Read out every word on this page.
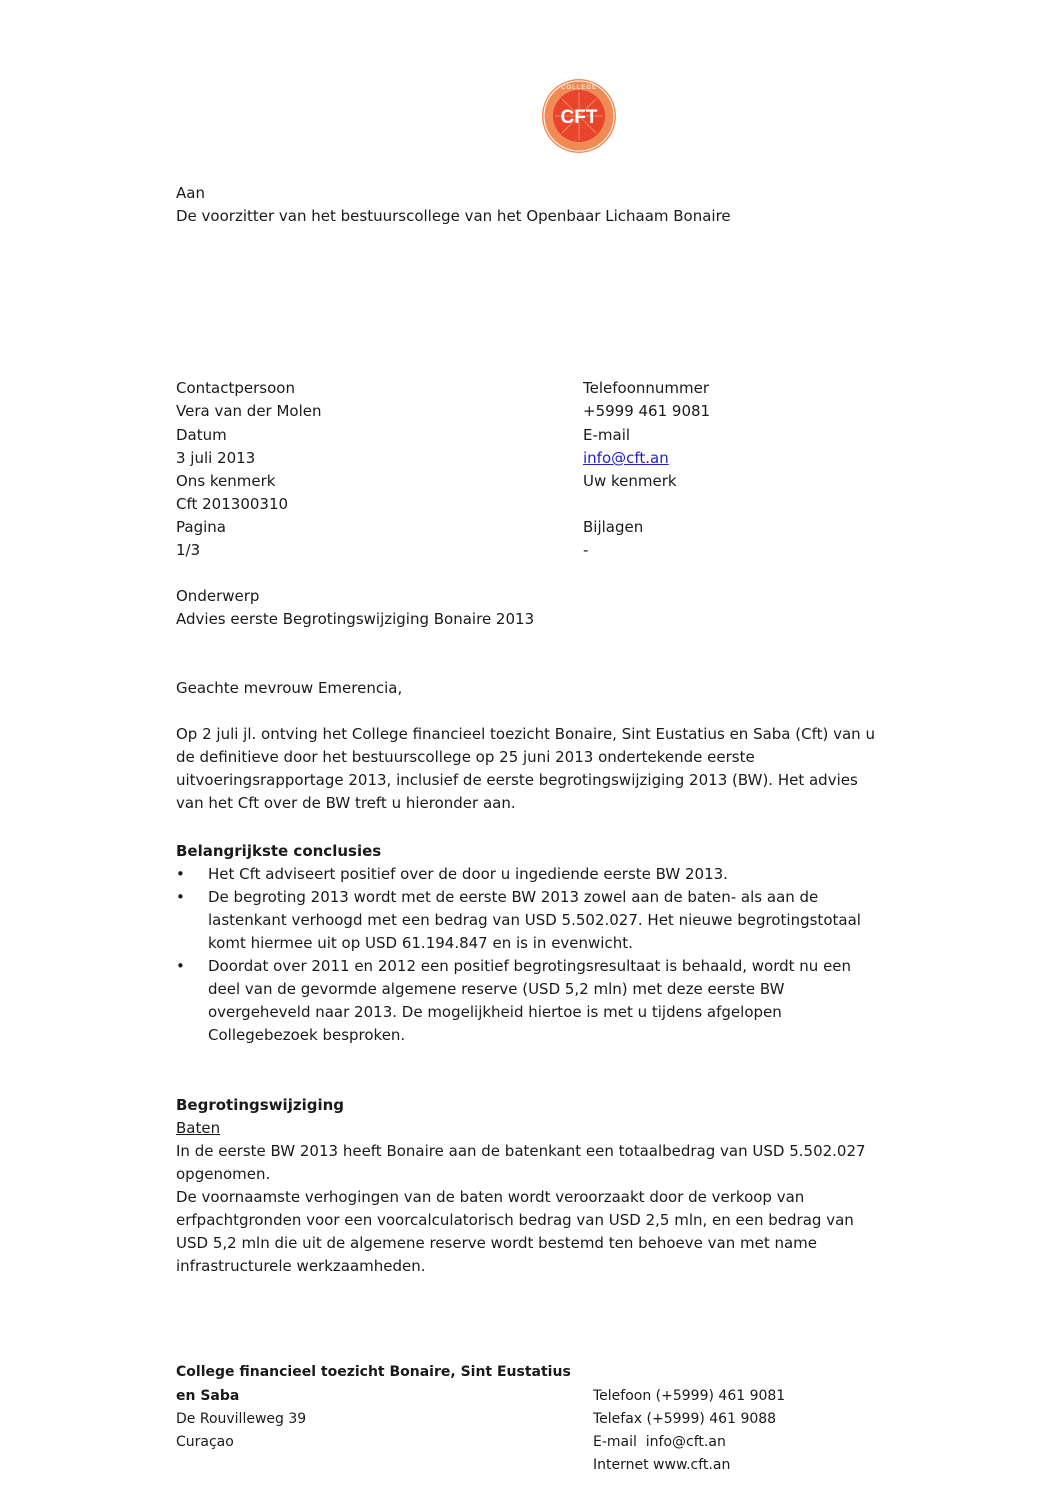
CFT
COLLEGE
Aan
De voorzitter van het bestuurscollege van het Openbaar Lichaam Bonaire
Contactpersoon
Vera van der Molen
Datum
3 juli 2013
Ons kenmerk
Cft 201300310
Pagina
1/3
Telefoonnummer
+5999 461 9081
E-mail
info@cft.an
Uw kenmerk
Bijlagen
-
Onderwerp
Advies eerste Begrotingswijziging Bonaire 2013
Geachte mevrouw Emerencia,
Op 2 juli jl. ontving het College financieel toezicht Bonaire, Sint Eustatius en Saba (Cft) van u de definitieve door het bestuurscollege op 25 juni 2013 ondertekende eerste uitvoeringsrapportage 2013, inclusief de eerste begrotingswijziging 2013 (BW). Het advies van het Cft over de BW treft u hieronder aan.
Belangrijkste conclusies
• Het Cft adviseert positief over de door u ingediende eerste BW 2013.
• De begroting 2013 wordt met de eerste BW 2013 zowel aan de baten- als aan de lastenkant verhoogd met een bedrag van USD 5.502.027. Het nieuwe begrotingstotaal komt hiermee uit op USD 61.194.847 en is in evenwicht.
• Doordat over 2011 en 2012 een positief begrotingsresultaat is behaald, wordt nu een deel van de gevormde algemene reserve (USD 5,2 mln) met deze eerste BW overgeheveld naar 2013. De mogelijkheid hiertoe is met u tijdens afgelopen Collegebezoek besproken.
Begrotingswijziging
Baten
In de eerste BW 2013 heeft Bonaire aan de batenkant een totaalbedrag van USD 5.502.027 opgenomen.
De voornaamste verhogingen van de baten wordt veroorzaakt door de verkoop van erfpachtgronden voor een voorcalculatorisch bedrag van USD 2,5 mln, en een bedrag van USD 5,2 mln die uit de algemene reserve wordt bestemd ten behoeve van met name infrastructurele werkzaamheden.
College financieel toezicht Bonaire, Sint Eustatius
en Saba
De Rouvilleweg 39
Curaçao
Telefoon (+5999) 461 9081
Telefax (+5999) 461 9088
E-mail  info@cft.an
Internet www.cft.an
